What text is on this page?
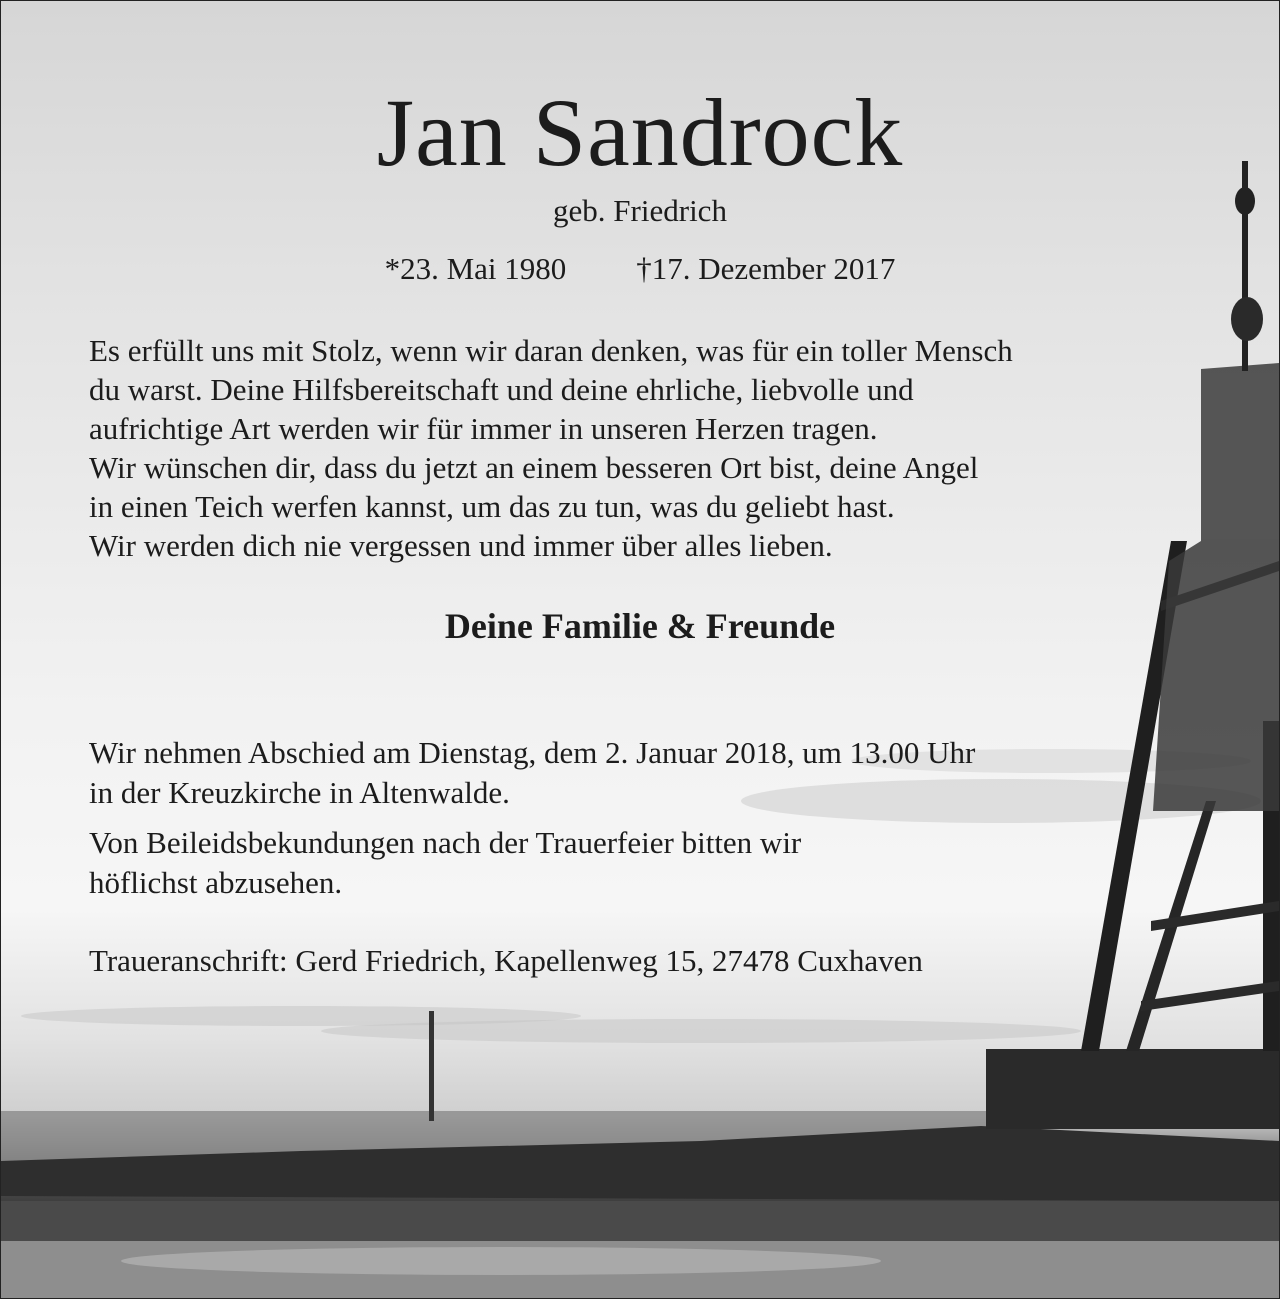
Jan Sandrock
geb. Friedrich
*23. Mai 1980 †17. Dezember 2017

Es erfüllt uns mit Stolz, wenn wir daran denken, was für ein toller Mensch

du warst. Deine Hilfsbereitschaft und deine ehrliche, liebvolle und

aufrichtige Art werden wir für immer in unseren Herzen tragen.

Wir wünschen dir, dass du jetzt an einem besseren Ort bist, deine Angel

in einen Teich werfen kannst, um das zu tun, was du geliebt hast.

Wir werden dich nie vergessen und immer über alles lieben.

Deine Familie & Freunde
Wir nehmen Abschied am Dienstag, dem 2. Januar 2018, um 13.00 Uhr
in der Kreuzkirche in Altenwalde.
Von Beileidsbekundungen nach der Trauerfeier bitten wir
höflichst abzusehen.
Traueranschrift: Gerd Friedrich, Kapellenweg 15, 27478 Cuxhaven
